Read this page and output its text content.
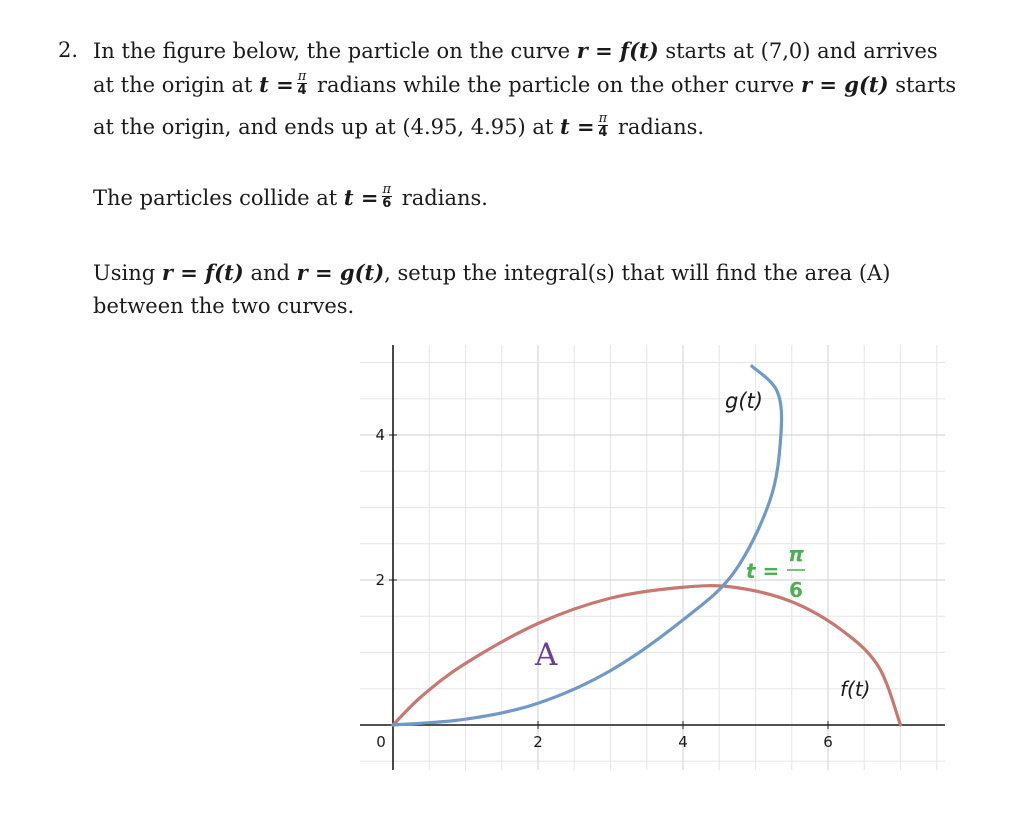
2. In the figure below, the particle on the curve r = f(t) starts at (7,0) and arrives
at the origin at $t = \frac{\pi}{4}$ radians while the particle on the other curve r = g(t) starts
at the origin, and ends up at (4.95, 4.95) at $t = \frac{\pi}{4}$ radians.
The particles collide at $t = \frac{\pi}{6}$ radians.
Using r = f(t) and r = g(t), setup the integral(s) that will find the area (A)
between the two curves.
0	2	4	6
2
4
g(t)
f(t)
A
t =
π
6
